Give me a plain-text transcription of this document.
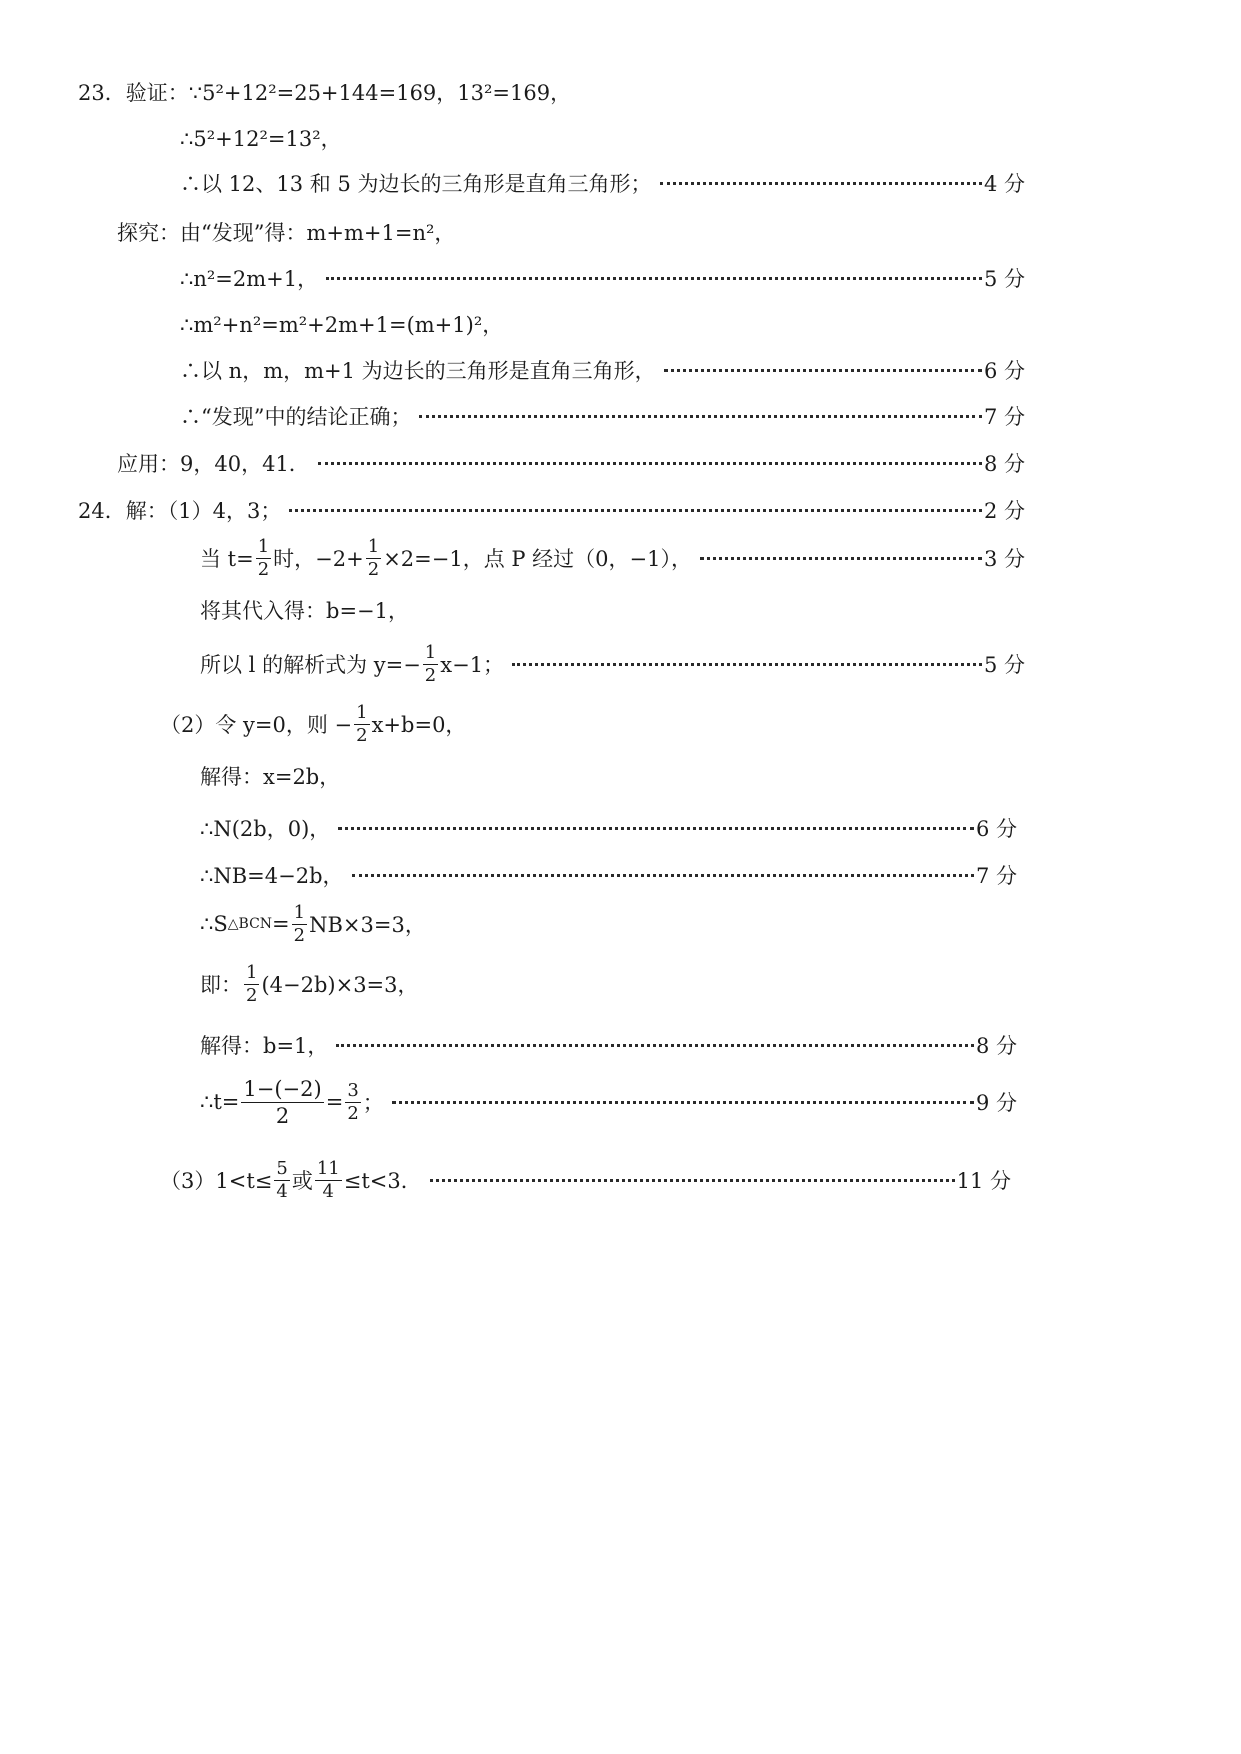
23． 验证： ∵5²+12²=25+144=169，13²=169，
∴5²+12²=13²，
∴以 12、13 和 5 为边长的三角形是直角三角形；	4 分
探究： 由“发现”得：m+m+1=n²，
∴n²=2m+1，	5 分
∴m²+n²=m²+2m+1=(m+1)²，
∴以 n，m，m+1 为边长的三角形是直角三角形，	6 分
∴“发现”中的结论正确；	7 分
应用：9，40，41．	8 分
24． 解：（1）4，3；	2 分
当 $t= \frac{1}{2}$ 时，$-2+ \frac{1}{2} \times 2=-1$，点 P 经过（0，−1），	3 分
将其代入得：b=−1，
所以 l 的解析式为 $y=- \frac{1}{2} x-1$；	5 分
（2）令 y=0，则 − $\frac{1}{2} x+b=0$，
解得：x=2b，
∴N(2b，0)，	6 分
∴NB=4−2b，	7 分
∴S △BCN = $\frac{1}{2} NB\times 3=3$，
即： $\frac{1}{2} (4-2b)\times 3=3$，
解得：b=1，	8 分
∴t= $\frac{1-(-2)}{2} = \frac{3}{2}$ ；	9 分
$(3)1<t\le \frac{5}{4}$ 或 $\frac{11}{4} \le t<3$．	11 分
